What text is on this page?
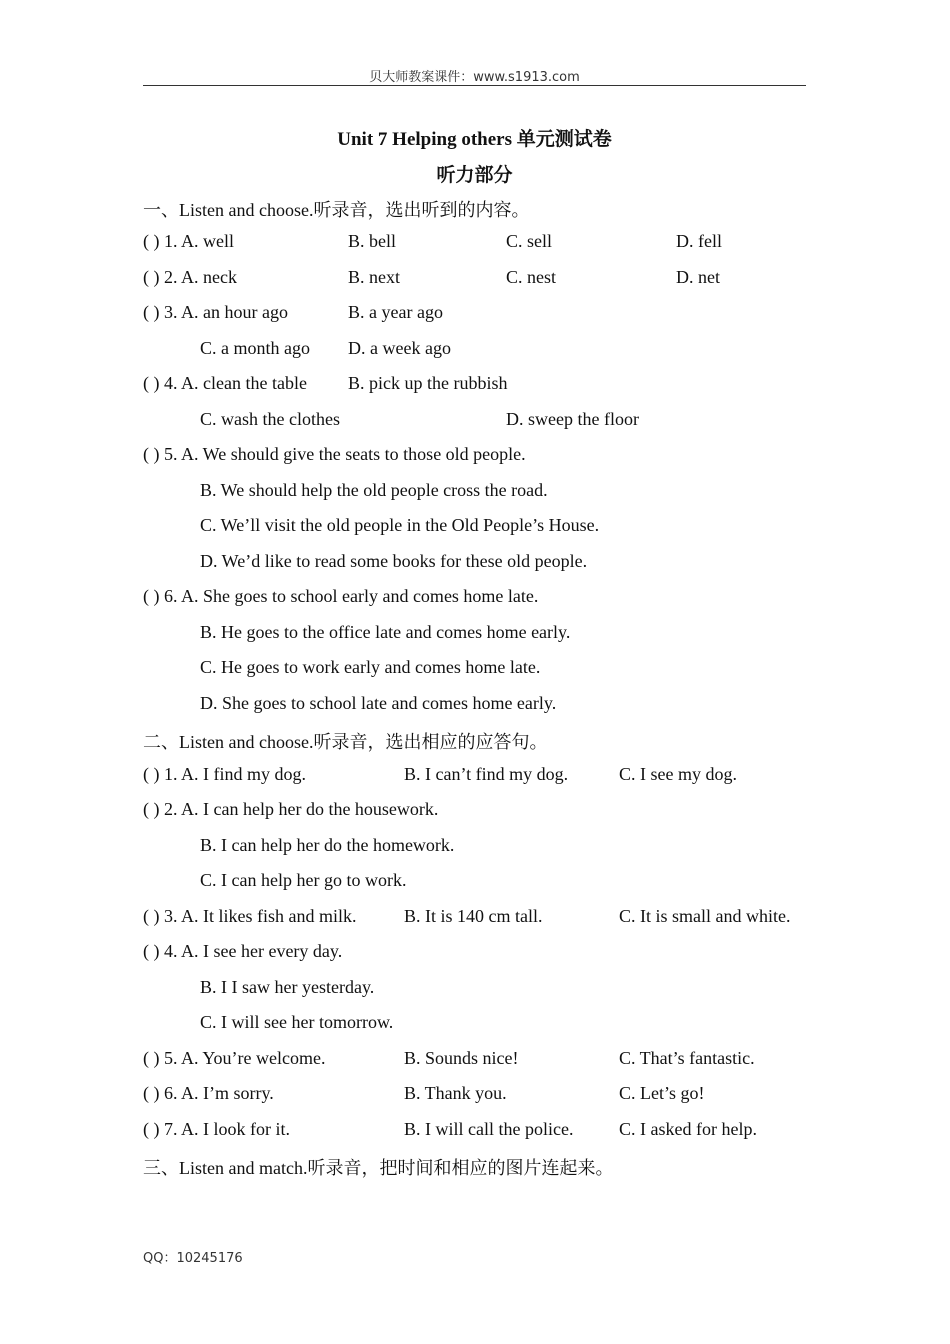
贝大师教案课件：www.s1913.com
Unit 7 Helping others 单元测试卷
听力部分
一、Listen and choose.听录音，选出听到的内容。
( ) 1. A. well	B. bell	C. sell	D. fell
( ) 2. A. neck	B. next	C. nest	D. net
( ) 3. A. an hour ago	B. a year ago
C. a month ago D. a week ago
( ) 4. A. clean the table B. pick up the rubbish
C. wash the clothes	D. sweep the floor
( ) 5. A. We should give the seats to those old people.
B. We should help the old people cross the road.
C. We’ll visit the old people in the Old People’s House.
D. We’d like to read some books for these old people.
( ) 6. A. She goes to school early and comes home late.
B. He goes to the office late and comes home early.
C. He goes to work early and comes home late.
D. She goes to school late and comes home early.
二、Listen and choose.听录音，选出相应的应答句。
( ) 1. A. I find my dog.	B. I can’t find my dog.	C. I see my dog.
( ) 2. A. I can help her do the housework.
B. I can help her do the homework.
C. I can help her go to work.
( ) 3. A. It likes fish and milk.	B. It is 140 cm tall.	C. It is small and white.
( ) 4. A. I see her every day.
B. I I saw her yesterday.
C. I will see her tomorrow.
( ) 5. A. You’re welcome.	B. Sounds nice!	C. That’s fantastic.
( ) 6. A. I’m sorry.	B. Thank you.	C. Let’s go!
( ) 7. A. I look for it.	B. I will call the police.	C. I asked for help.
三、Listen and match.听录音，把时间和相应的图片连起来。
QQ：10245176
